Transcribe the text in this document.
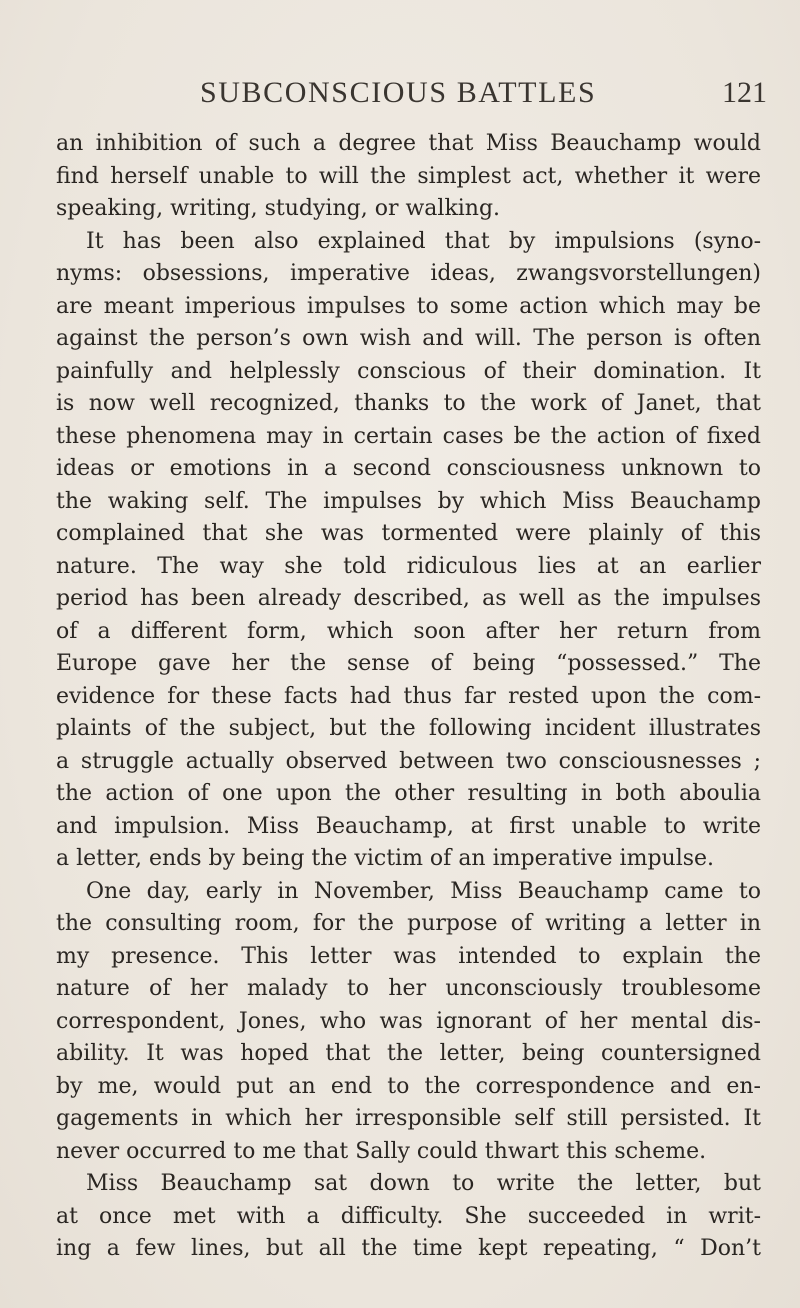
SUBCONSCIOUS BATTLES	121
an inhibition of such a degree that Miss Beauchamp would
find herself unable to will the simplest act, whether it were
speaking, writing, studying, or walking.
It has been also explained that by impulsions (syno-
nyms: obsessions, imperative ideas, zwangsvorstellungen)
are meant imperious impulses to some action which may be
against the person’s own wish and will. The person is often
painfully and helplessly conscious of their domination. It
is now well recognized, thanks to the work of Janet, that
these phenomena may in certain cases be the action of fixed
ideas or emotions in a second consciousness unknown to
the waking self. The impulses by which Miss Beauchamp
complained that she was tormented were plainly of this
nature. The way she told ridiculous lies at an earlier
period has been already described, as well as the impulses
of a different form, which soon after her return from
Europe gave her the sense of being “possessed.” The
evidence for these facts had thus far rested upon the com-
plaints of the subject, but the following incident illustrates
a struggle actually observed between two consciousnesses ;
the action of one upon the other resulting in both aboulia
and impulsion. Miss Beauchamp, at first unable to write
a letter, ends by being the victim of an imperative impulse.
One day, early in November, Miss Beauchamp came to
the consulting room, for the purpose of writing a letter in
my presence. This letter was intended to explain the
nature of her malady to her unconsciously troublesome
correspondent, Jones, who was ignorant of her mental dis-
ability. It was hoped that the letter, being countersigned
by me, would put an end to the correspondence and en-
gagements in which her irresponsible self still persisted. It
never occurred to me that Sally could thwart this scheme.
Miss Beauchamp sat down to write the letter, but
at once met with a difficulty. She succeeded in writ-
ing a few lines, but all the time kept repeating, “ Don’t
